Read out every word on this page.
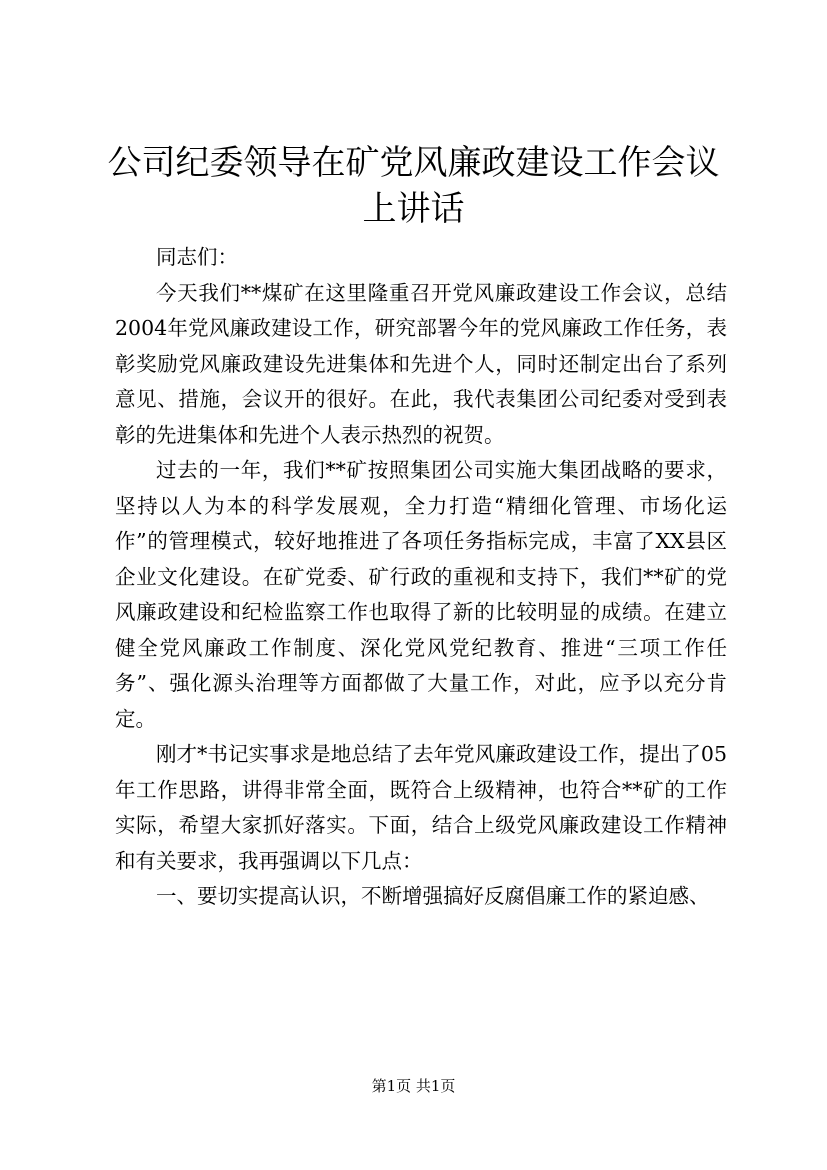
公司纪委领导在矿党风廉政建设工作会议上讲话

同志们：

今天我们**煤矿在这里隆重召开党风廉政建设工作会议，总结2004年党风廉政建设工作，研究部署今年的党风廉政工作任务，表彰奖励党风廉政建设先进集体和先进个人，同时还制定出台了系列意见、措施，会议开的很好。在此，我代表集团公司纪委对受到表彰的先进集体和先进个人表示热烈的祝贺。

过去的一年，我们**矿按照集团公司实施大集团战略的要求，坚持以人为本的科学发展观，全力打造“精细化管理、市场化运作”的管理模式，较好地推进了各项任务指标完成，丰富了XX县区企业文化建设。在矿党委、矿行政的重视和支持下，我们**矿的党风廉政建设和纪检监察工作也取得了新的比较明显的成绩。在建立健全党风廉政工作制度、深化党风党纪教育、推进“三项工作任务”、强化源头治理等方面都做了大量工作，对此，应予以充分肯定。

刚才*书记实事求是地总结了去年党风廉政建设工作，提出了05年工作思路，讲得非常全面，既符合上级精神，也符合**矿的工作实际，希望大家抓好落实。下面，结合上级党风廉政建设工作精神和有关要求，我再强调以下几点：

一、要切实提高认识，不断增强搞好反腐倡廉工作的紧迫感、

第1页 共1页
